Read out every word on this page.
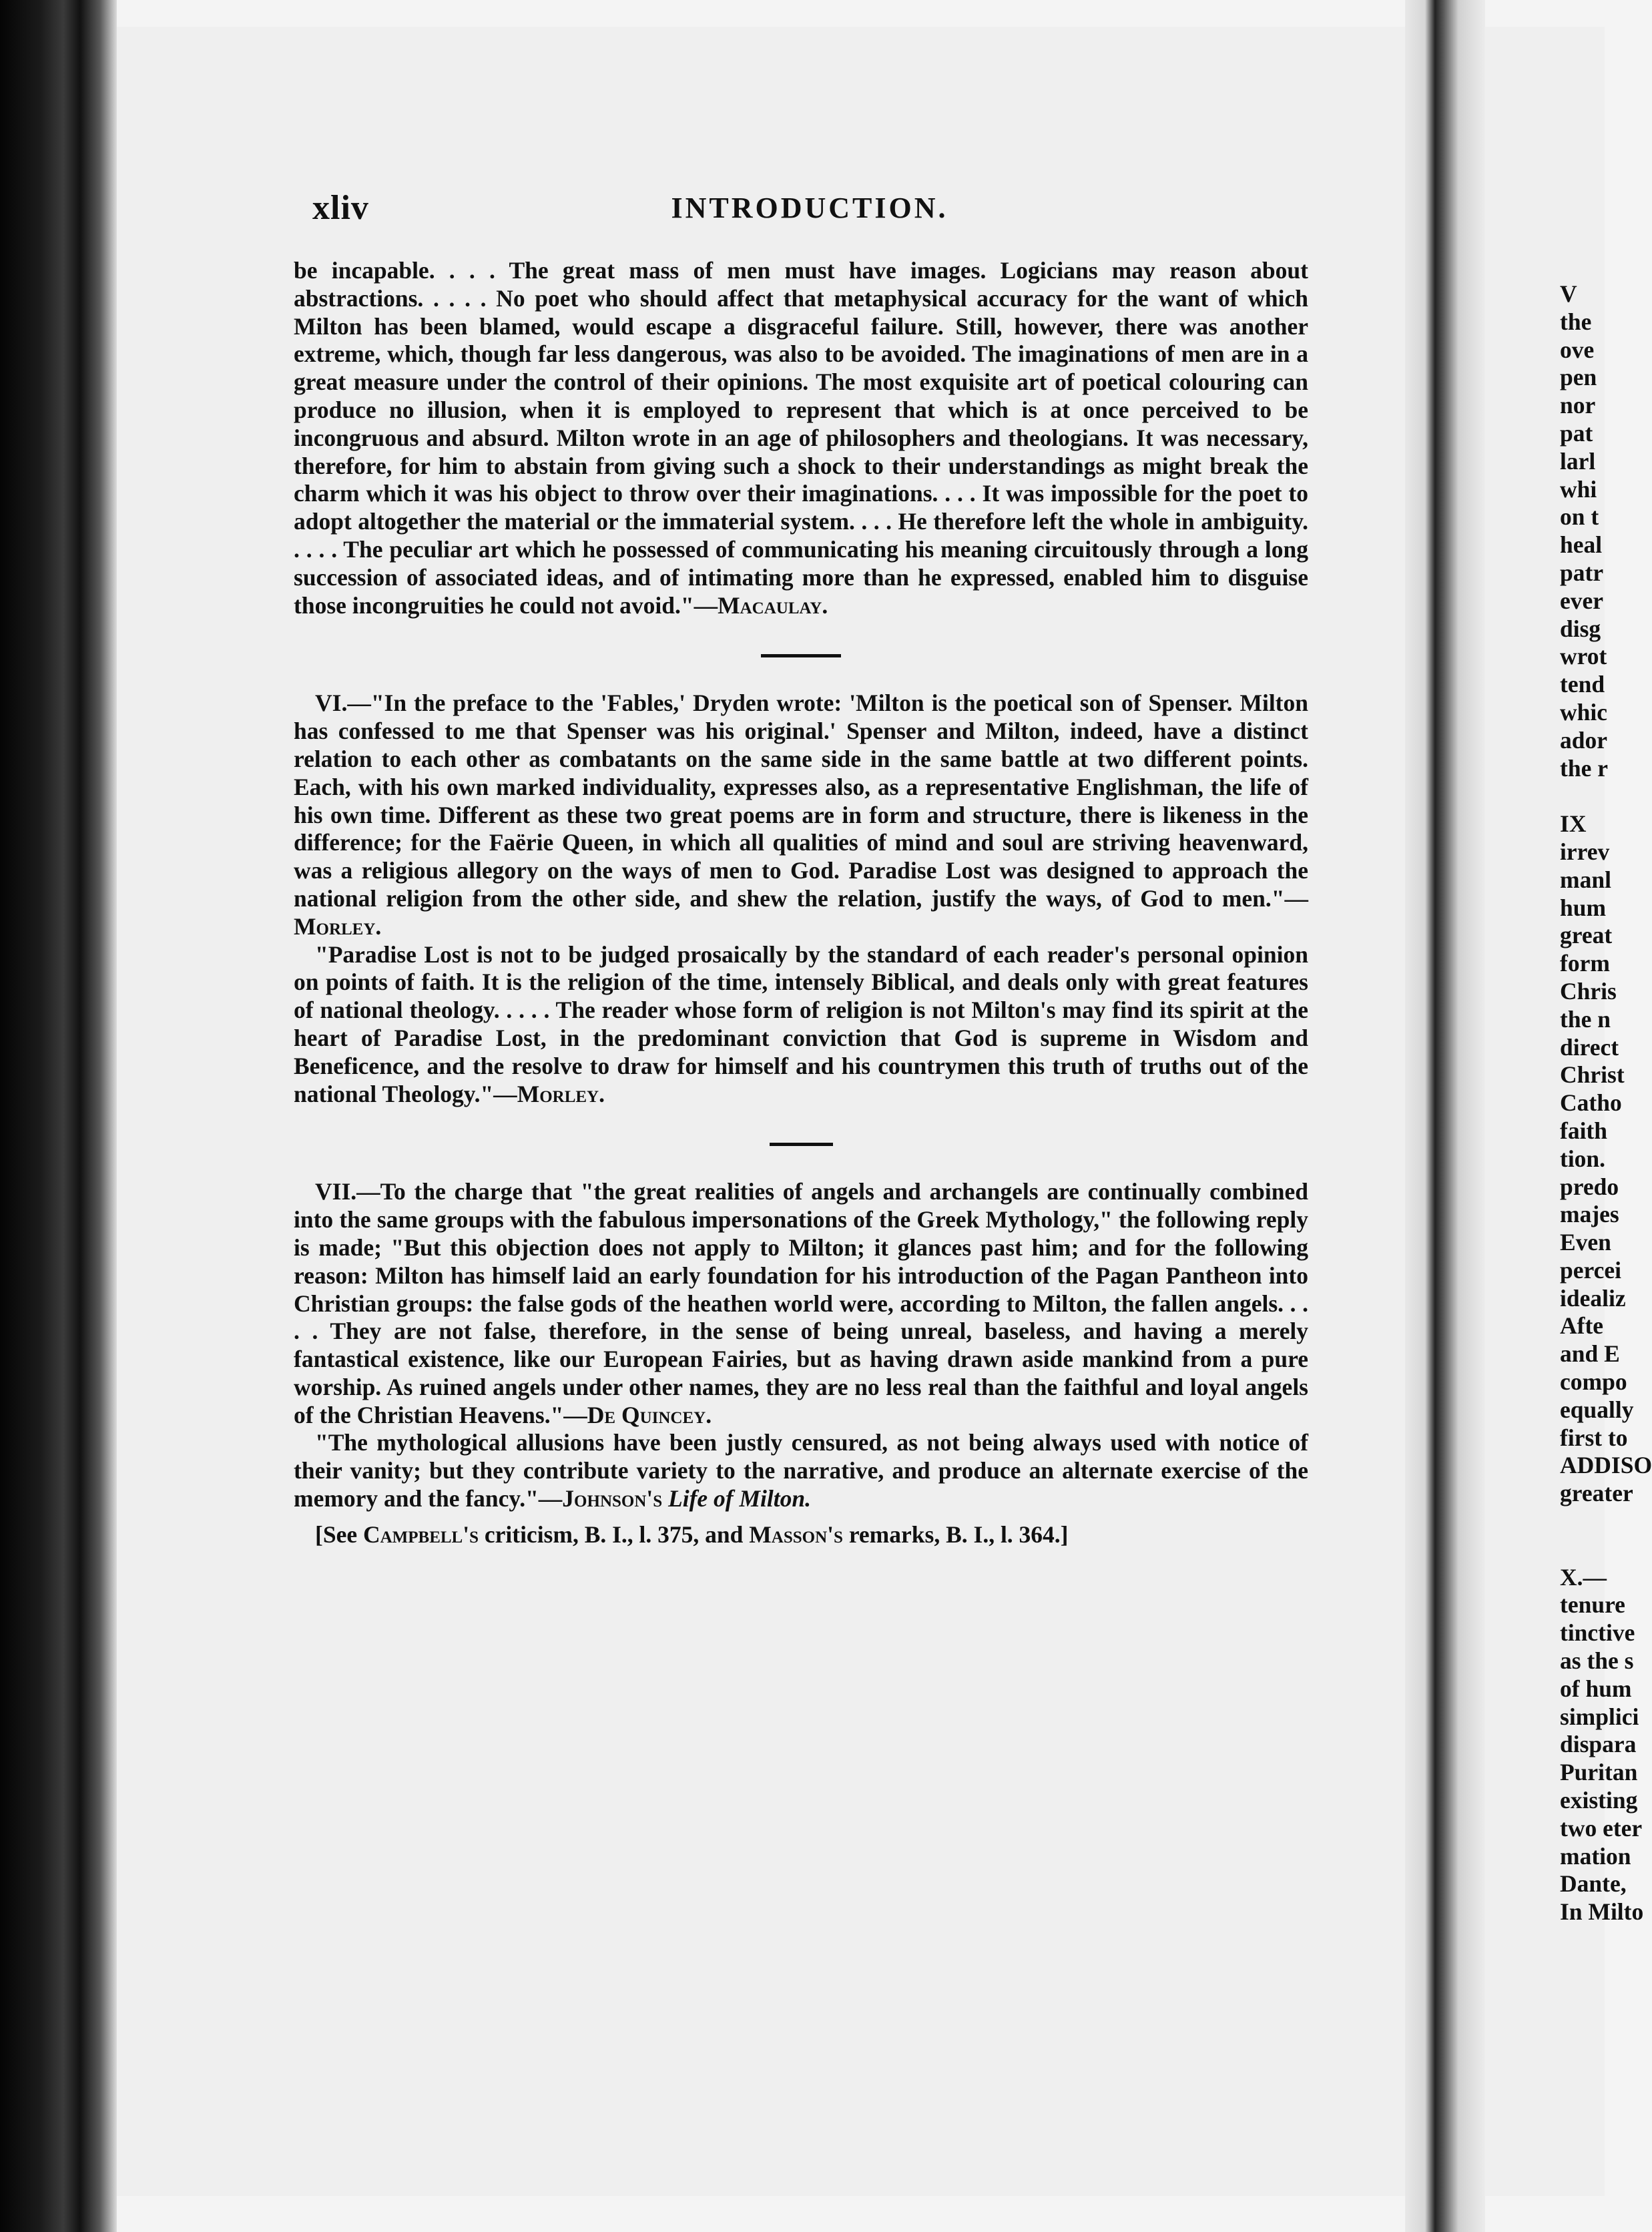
xliv	INTRODUCTION.

be incapable. . . . The great mass of men must have images. Logicians may reason about abstractions. . . . . No poet who should affect that metaphysical accuracy for the want of which Milton has been blamed, would escape a disgraceful failure. Still, however, there was another extreme, which, though far less dangerous, was also to be avoided. The imaginations of men are in a great measure under the control of their opinions. The most exquisite art of poetical colouring can produce no illusion, when it is employed to represent that which is at once perceived to be incongruous and absurd. Milton wrote in an age of philosophers and theologians. It was necessary, therefore, for him to abstain from giving such a shock to their understandings as might break the charm which it was his object to throw over their imaginations. . . . It was impossible for the poet to adopt altogether the material or the immaterial system. . . . He therefore left the whole in ambiguity. . . . . The peculiar art which he possessed of communicating his meaning circuitously through a long succession of associated ideas, and of intimating more than he expressed, enabled him to disguise those incongruities he could not avoid."—Macaulay.

VI.—"In the preface to the 'Fables,' Dryden wrote: 'Milton is the poetical son of Spenser. Milton has confessed to me that Spenser was his original.' Spenser and Milton, indeed, have a distinct relation to each other as combatants on the same side in the same battle at two different points. Each, with his own marked individuality, expresses also, as a representative Englishman, the life of his own time. Different as these two great poems are in form and structure, there is likeness in the difference; for the Faërie Queen, in which all qualities of mind and soul are striving heavenward, was a religious allegory on the ways of men to God. Paradise Lost was designed to approach the national religion from the other side, and shew the relation, justify the ways, of God to men."—Morley.

"Paradise Lost is not to be judged prosaically by the standard of each reader's personal opinion on points of faith. It is the religion of the time, intensely Biblical, and deals only with great features of national theology. . . . . The reader whose form of religion is not Milton's may find its spirit at the heart of Paradise Lost, in the predominant conviction that God is supreme in Wisdom and Beneficence, and the resolve to draw for himself and his countrymen this truth of truths out of the national Theology."—Morley.

VII.—To the charge that "the great realities of angels and archangels are continually combined into the same groups with the fabulous impersonations of the Greek Mythology," the following reply is made; "But this objection does not apply to Milton; it glances past him; and for the following reason: Milton has himself laid an early foundation for his introduction of the Pagan Pantheon into Christian groups: the false gods of the heathen world were, according to Milton, the fallen angels. . . . . They are not false, therefore, in the sense of being unreal, baseless, and having a merely fantastical existence, like our European Fairies, but as having drawn aside mankind from a pure worship. As ruined angels under other names, they are no less real than the faithful and loyal angels of the Christian Heavens."—De Quincey.

"The mythological allusions have been justly censured, as not being always used with notice of their vanity; but they contribute variety to the narrative, and produce an alternate exercise of the memory and the fancy."—Johnson's Life of Milton.

[See Campbell's criticism, B. I., l. 375, and Masson's remarks, B. I., l. 364.]

V
the
ove
pen
nor
pat
larl
whi
on t
heal
patr
ever
disg
wrot
tend
whic
ador
the r
IX
irrev
manl
hum
great
form
Chris
the n
direct
Christ
Catho
faith
tion.
predo
majes
Even
percei
idealiz
Afte
and E
compo
equally
first to
ADDISO
greater
X.—
tenure
tinctive
as the s
of hum
simplici
dispara
Puritan
existing
two eter
mation
Dante,
In Milto
